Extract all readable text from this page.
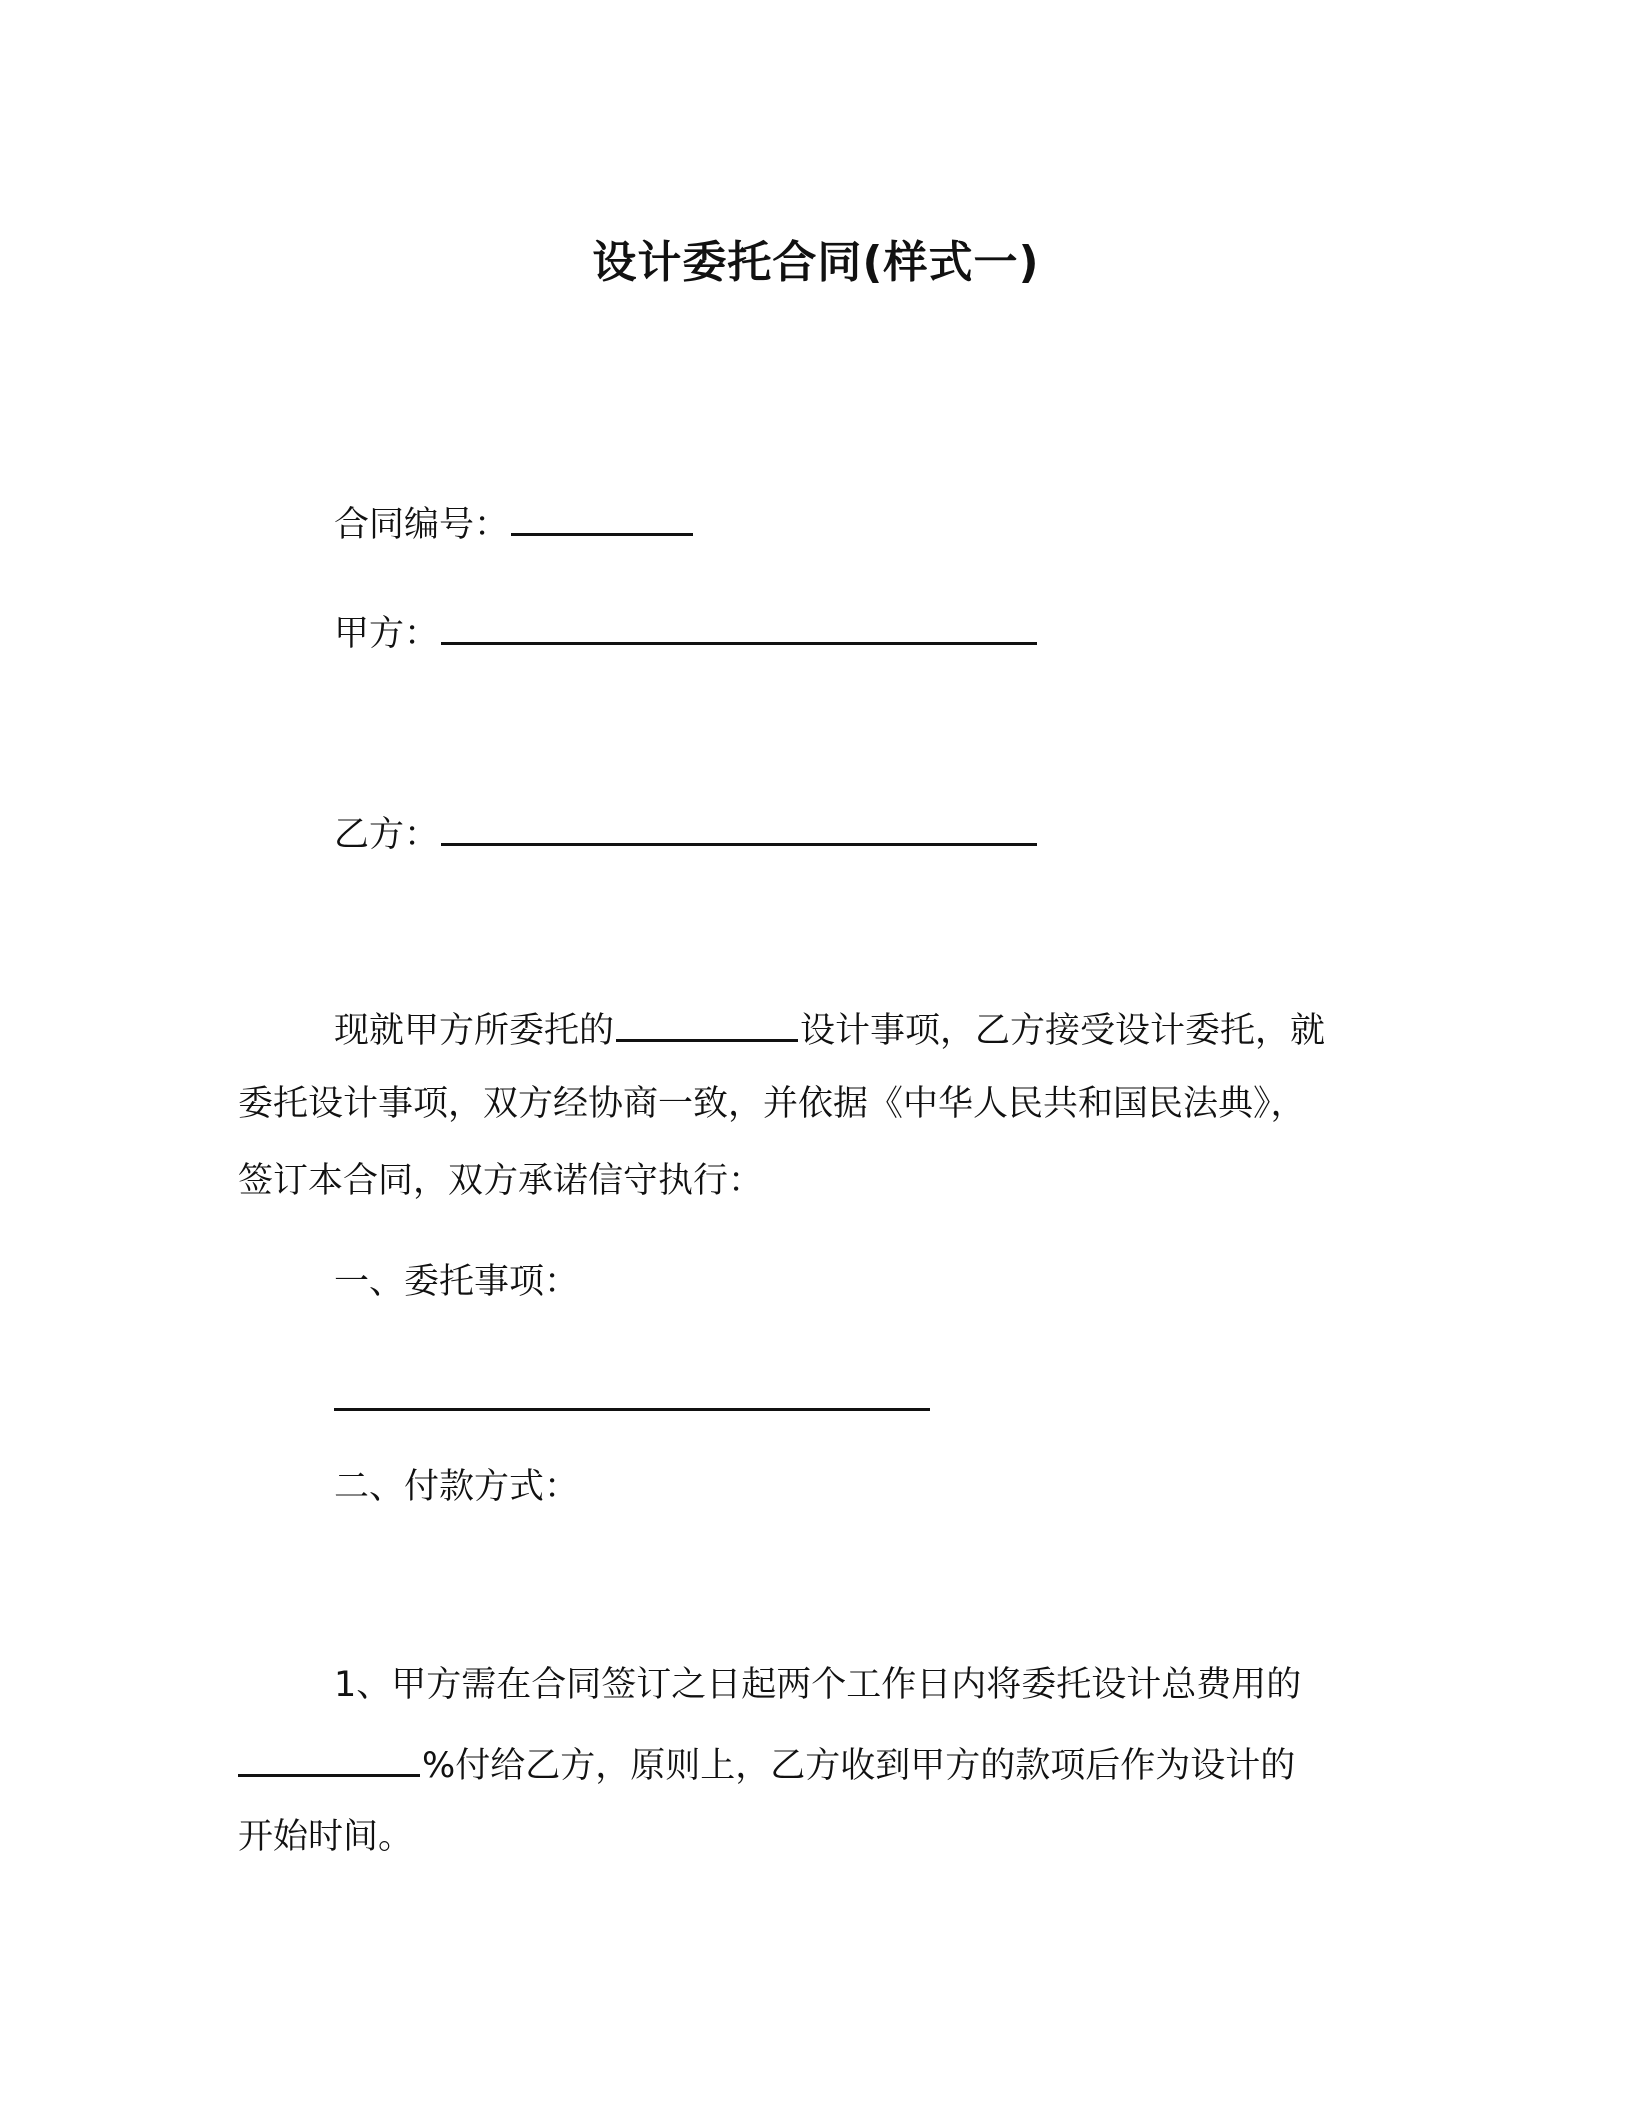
设计委托合同(样式一)
合同编号：
甲方：
乙方：
现就甲方所委托的	设计事项，乙方接受设计委托，就
委托设计事项，双方经协商一致，并依据《中华人民共和国民法典》，
签订本合同，双方承诺信守执行：
一、委托事项：
二、付款方式：
1、甲方需在合同签订之日起两个工作日内将委托设计总费用的
%付给乙方，原则上，乙方收到甲方的款项后作为设计的
开始时间。
